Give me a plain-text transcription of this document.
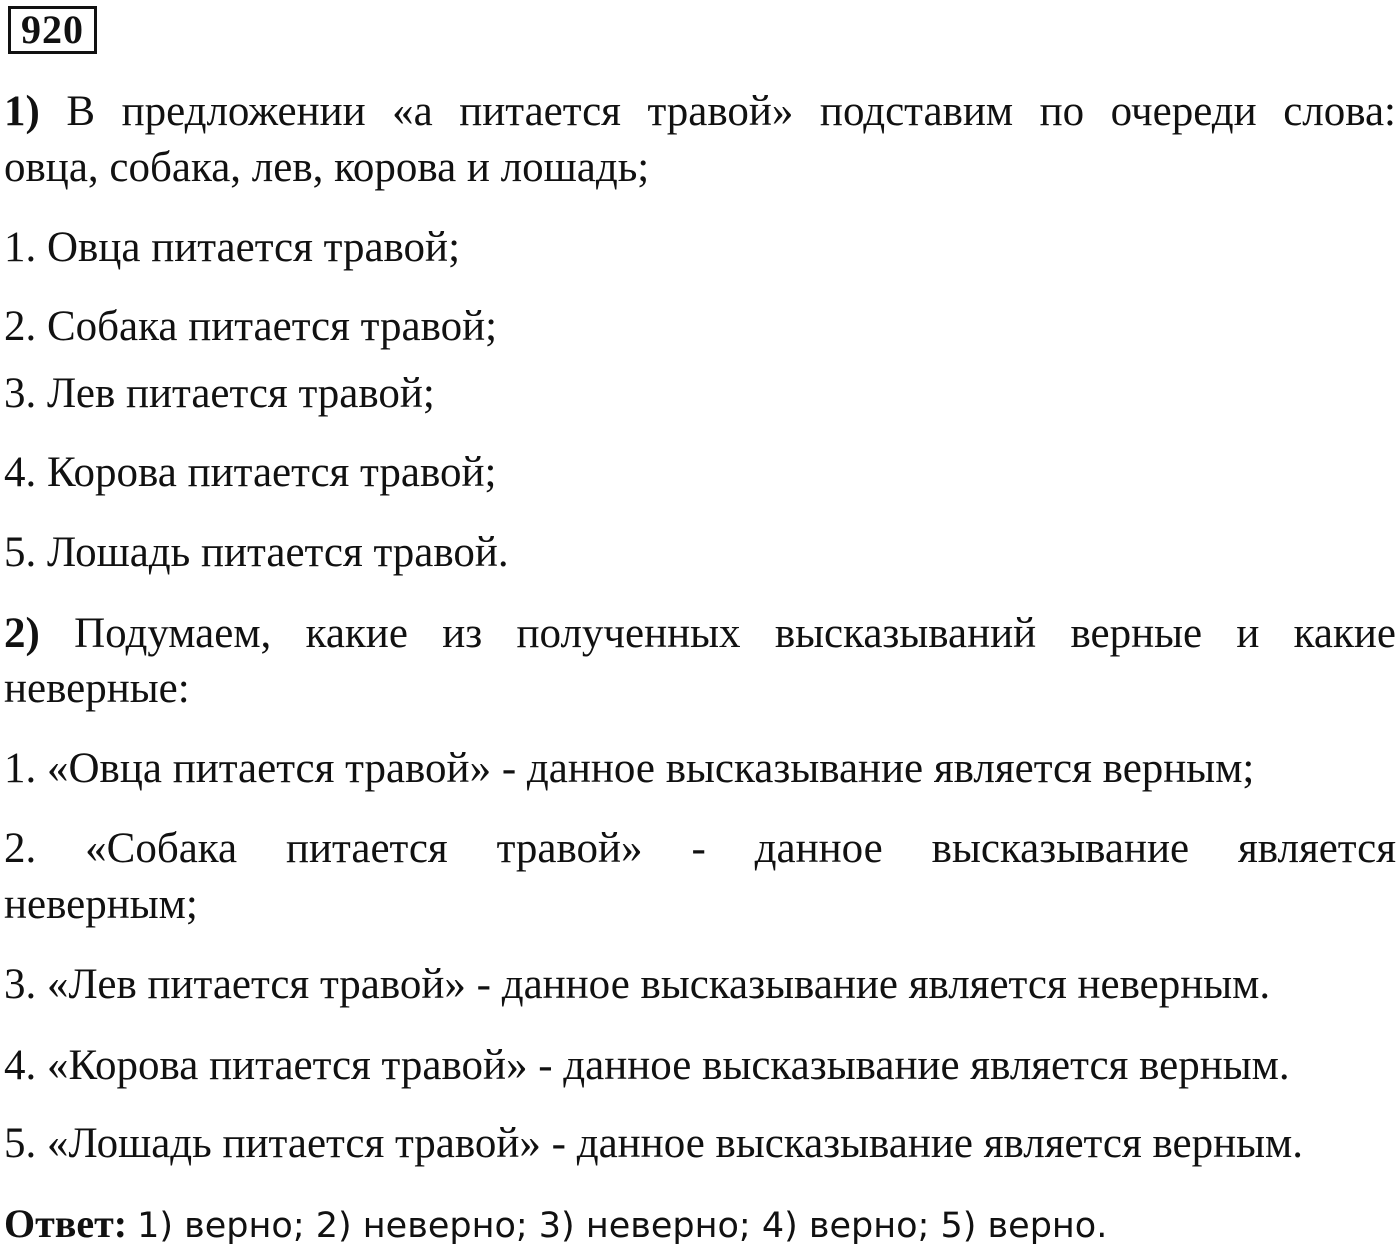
920
1) В предложении «а питается травой» подставим по очереди слова:
овца, собака, лев, корова и лошадь;
1. Овца питается травой;
2. Собака питается травой;
3. Лев питается травой;
4. Корова питается травой;
5. Лошадь питается травой.
2) Подумаем, какие из полученных высказываний верные и какие
неверные:
1. «Овца питается травой» - данное высказывание является верным;
2. «Собака питается травой» - данное высказывание является
неверным;
3. «Лев питается травой» - данное высказывание является неверным.
4. «Корова питается травой» - данное высказывание является верным.
5. «Лошадь питается травой» - данное высказывание является верным.
Ответ: 1) верно; 2) неверно; 3) неверно; 4) верно; 5) верно.
